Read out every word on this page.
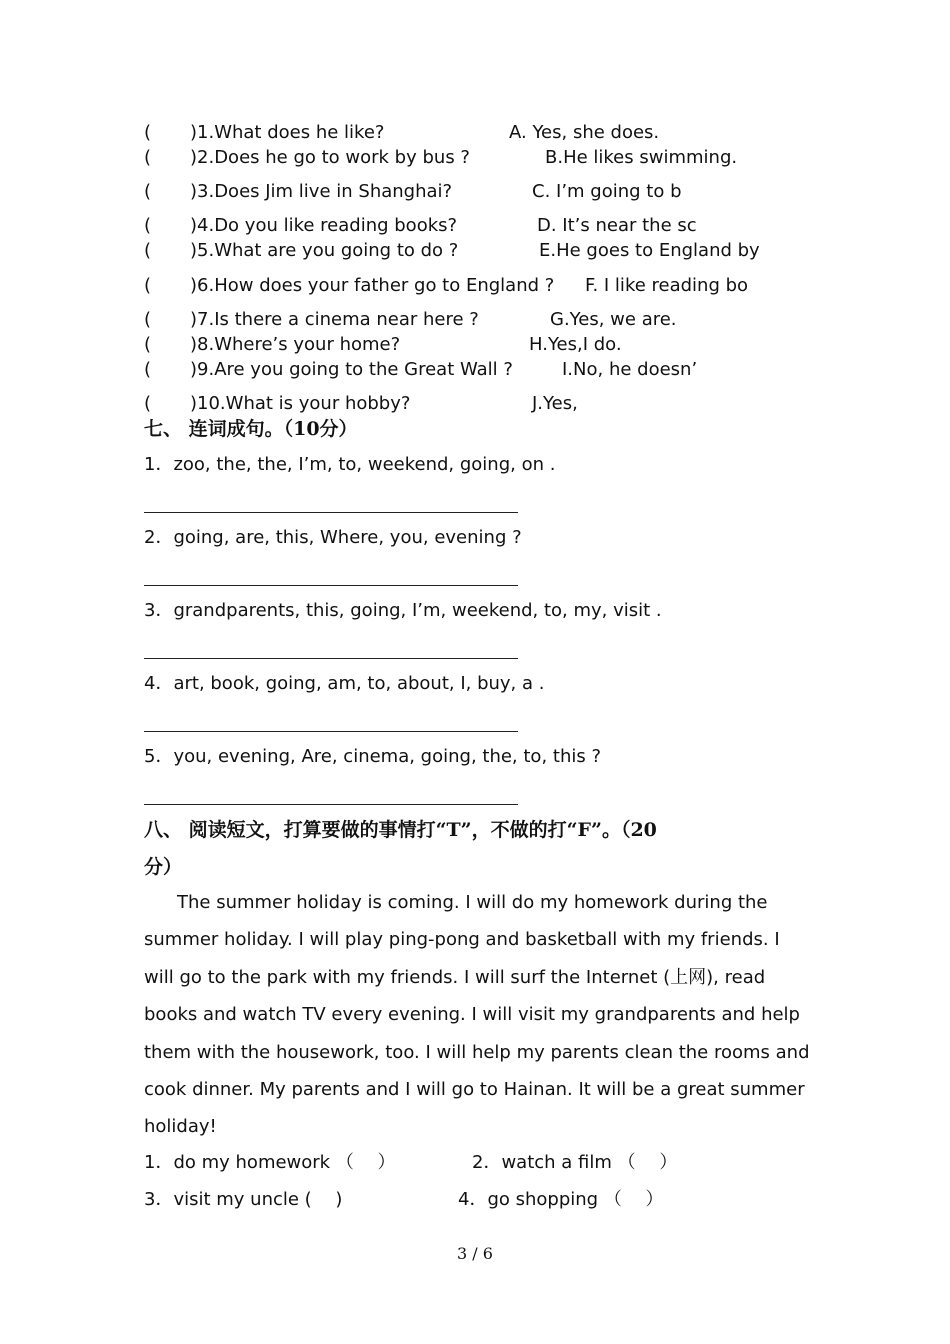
( )1.What does he like?	A. Yes, she does.
( )2.Does he go to work by bus ?	B.He likes swimming.
( )3.Does Jim live in Shanghai?	C. I’m going to b
( )4.Do you like reading books?	D. It’s near the sc
( )5.What are you going to do ?	E.He goes to England by
( )6.How does your father go to England ? F. I like reading bo
( )7.Is there a cinema near here ?	G.Yes, we are.
( )8.Where’s your home?	H.Yes,I do.
( )9.Are you going to the Great Wall ?	I.No, he doesn’
( )10.What is your hobby?	J.Yes,
七、 连词成句。（10分）
1．zoo, the, the, I’m, to, weekend, going, on .
2．going, are, this, Where, you, evening ?
3．grandparents, this, going, I’m, weekend, to, my, visit .
4．art, book, going, am, to, about, I, buy, a .
5．you, evening, Are, cinema, going, the, to, this ?
八、 阅读短文，打算要做的事情打“T”，不做的打“F”。（20
分）

The summer holiday is coming. I will do my homework during the summer holiday. I will play ping-pong and basketball with my friends. I will go to the park with my friends. I will surf the Internet (上网), read books and watch TV every evening. I will visit my grandparents and help them with the housework, too. I will help my parents clean the rooms and cook dinner. My parents and I will go to Hainan. It will be a great summer holiday!

1．do my homework （　 ）	2．watch a film （　 ）
3．visit my uncle (　 )	4．go shopping （　 ）
3 / 6
